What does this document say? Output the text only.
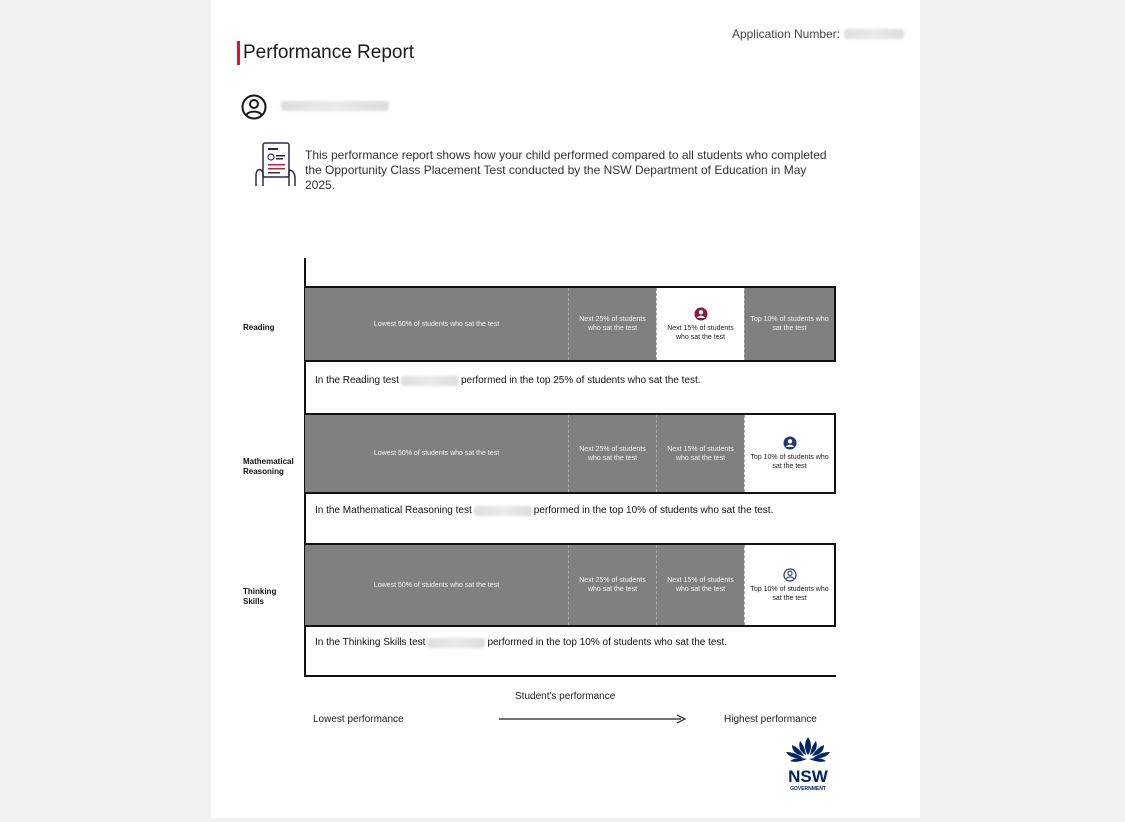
Application Number:
Performance Report
This performance report shows how your child performed compared to all students who completed the Opportunity Class Placement Test conducted by the NSW Department of Education in May 2025.
Reading	Lowest 50% of students who sat the test
Next 25% of students who sat the test	Next 15% of students who sat the test
Top 10% of students who sat the test
In the Reading test	performed in the top 25% of students who sat the test.
Mathematical
Reasoning
Lowest 50% of students who sat the test
Next 25% of students who sat the test
Next 15% of students who sat the test	Top 10% of students who sat the test
In the Mathematical Reasoning test	performed in the top 10% of students who sat the test.
Thinking
Skills
Lowest 50% of students who sat the test
Next 25% of students who sat the test
Next 15% of students who sat the test	Top 10% of students who sat the test
In the Thinking Skills test	performed in the top 10% of students who sat the test.
Student's performance
Lowest performance	Highest performance
NSW
GOVERNMENT
